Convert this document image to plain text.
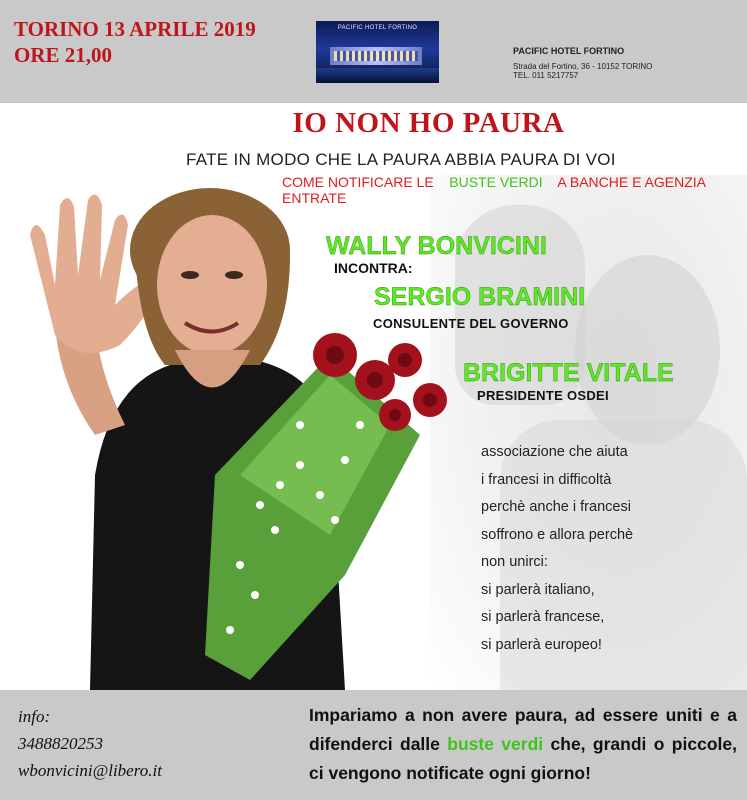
TORINO 13 APRILE 2019
ORE 21,00
PACIFIC HOTEL FORTINO
PACIFIC HOTEL FORTINO
Strada del Fortino, 36 - 10152 TORINO
TEL. 011 5217757
IO NON HO PAURA
FATE IN MODO CHE LA PAURA ABBIA PAURA DI VOI
COME NOTIFICARE LE BUSTE VERDI A BANCHE E AGENZIA ENTRATE
WALLY BONVICINI
INCONTRA:
SERGIO BRAMINI
CONSULENTE DEL GOVERNO
BRIGITTE VITALE
PRESIDENTE OSDEI
associazione che aiuta
i francesi in difficoltà
perchè anche i francesi
soffrono e allora perchè
non unirci:
si parlerà italiano,
si parlerà francese,
si parlerà europeo!
info:
3488820253
wbonvicini@libero.it
Impariamo a non avere paura, ad essere uniti e a difenderci dalle buste verdi che, grandi o piccole, ci vengono notificate ogni giorno!
